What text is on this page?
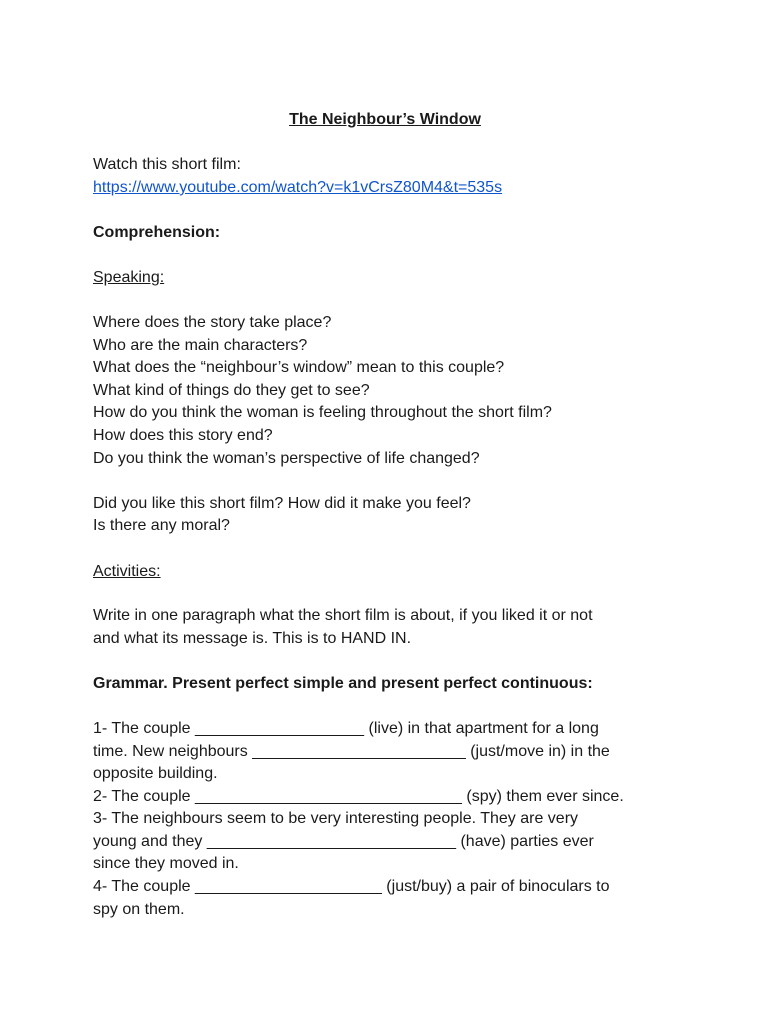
The Neighbour’s Window
Watch this short film:
https://www.youtube.com/watch?v=k1vCrsZ80M4&t=535s
Comprehension:
Speaking:
Where does the story take place?
Who are the main characters?
What does the “neighbour’s window” mean to this couple?
What kind of things do they get to see?
How do you think the woman is feeling throughout the short film?
How does this story end?
Do you think the woman’s perspective of life changed?
Did you like this short film? How did it make you feel?
Is there any moral?
Activities:
Write in one paragraph what the short film is about, if you liked it or not
and what its message is. This is to HAND IN.
Grammar. Present perfect simple and present perfect continuous:
1- The couple ___________________ (live) in that apartment for a long
time. New neighbours ________________________ (just/move in) in the
opposite building.
2- The couple ______________________________ (spy) them ever since.
3- The neighbours seem to be very interesting people. They are very
young and they ____________________________ (have) parties ever
since they moved in.
4- The couple _____________________ (just/buy) a pair of binoculars to
spy on them.
